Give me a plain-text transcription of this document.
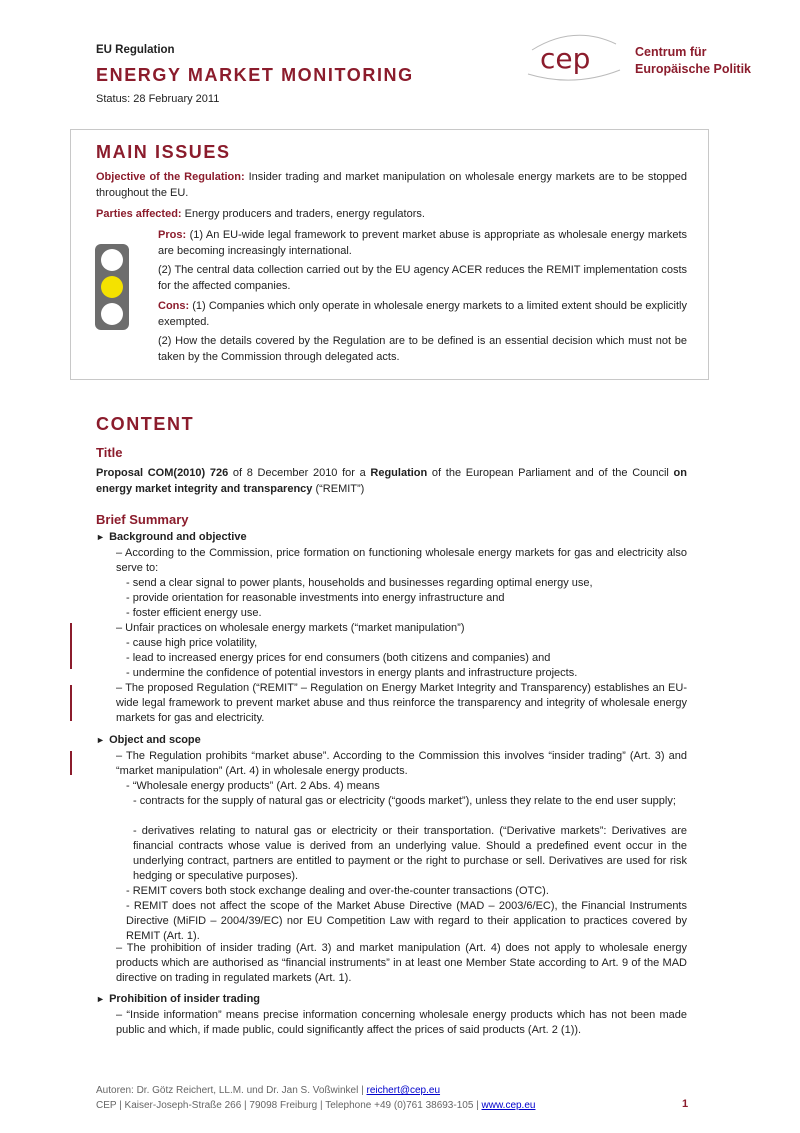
EU Regulation
ENERGY MARKET MONITORING
Status: 28 February 2011
cep	Centrum für
Europäische Politik
MAIN ISSUES
Objective of the Regulation: Insider trading and market manipulation on wholesale energy markets are to be stopped throughout the EU.
Parties affected: Energy producers and traders, energy regulators.
Pros: (1) An EU-wide legal framework to prevent market abuse is appropriate as wholesale energy markets are becoming increasingly international.
(2) The central data collection carried out by the EU agency ACER reduces the REMIT implementation costs for the affected companies.
Cons: (1) Companies which only operate in wholesale energy markets to a limited extent should be explicitly exempted.
(2) How the details covered by the Regulation are to be defined is an essential decision which must not be taken by the Commission through delegated acts.
CONTENT
Title
Proposal COM(2010) 726 of 8 December 2010 for a Regulation of the European Parliament and of the Council on energy market integrity and transparency (“REMIT”)
Brief Summary
► Background and objective
– According to the Commission, price formation on functioning wholesale energy markets for gas and electricity also serve to:
- send a clear signal to power plants, households and businesses regarding optimal energy use,
- provide orientation for reasonable investments into energy infrastructure and
- foster efficient energy use.
– Unfair practices on wholesale energy markets (“market manipulation”)
- cause high price volatility,
- lead to increased energy prices for end consumers (both citizens and companies) and
- undermine the confidence of potential investors in energy plants and infrastructure projects.
– The proposed Regulation (“REMIT” – Regulation on Energy Market Integrity and Transparency) establishes an EU-wide legal framework to prevent market abuse and thus reinforce the transparency and integrity of wholesale energy markets for gas and electricity.
► Object and scope
– The Regulation prohibits “market abuse”. According to the Commission this involves “insider trading” (Art. 3) and “market manipulation” (Art. 4) in wholesale energy products.
- “Wholesale energy products” (Art. 2 Abs. 4) means
- contracts for the supply of natural gas or electricity (“goods market”), unless they relate to the end user supply;
- derivatives relating to natural gas or electricity or their transportation. (“Derivative markets”: Derivatives are financial contracts whose value is derived from an underlying value. Should a predefined event occur in the underlying contract, partners are entitled to payment or the right to purchase or sell. Derivatives are used for risk hedging or speculative purposes).
- REMIT covers both stock exchange dealing and over-the-counter transactions (OTC).
- REMIT does not affect the scope of the Market Abuse Directive (MAD – 2003/6/EC), the Financial Instruments Directive (MiFID – 2004/39/EC) nor EU Competition Law with regard to their application to practices covered by REMIT (Art. 1).
– The prohibition of insider trading (Art. 3) and market manipulation (Art. 4) does not apply to wholesale energy products which are authorised as “financial instruments” in at least one Member State according to Art. 9 of the MAD directive on trading in regulated markets (Art. 1).
► Prohibition of insider trading
– “Inside information” means precise information concerning wholesale energy products which has not been made public and which, if made public, could significantly affect the prices of said products (Art. 2 (1)).
Autoren: Dr. Götz Reichert, LL.M. und Dr. Jan S. Voßwinkel | reichert@cep.eu
CEP | Kaiser-Joseph-Straße 266 | 79098 Freiburg | Telephone +49 (0)761 38693-105 | www.cep.eu	1
